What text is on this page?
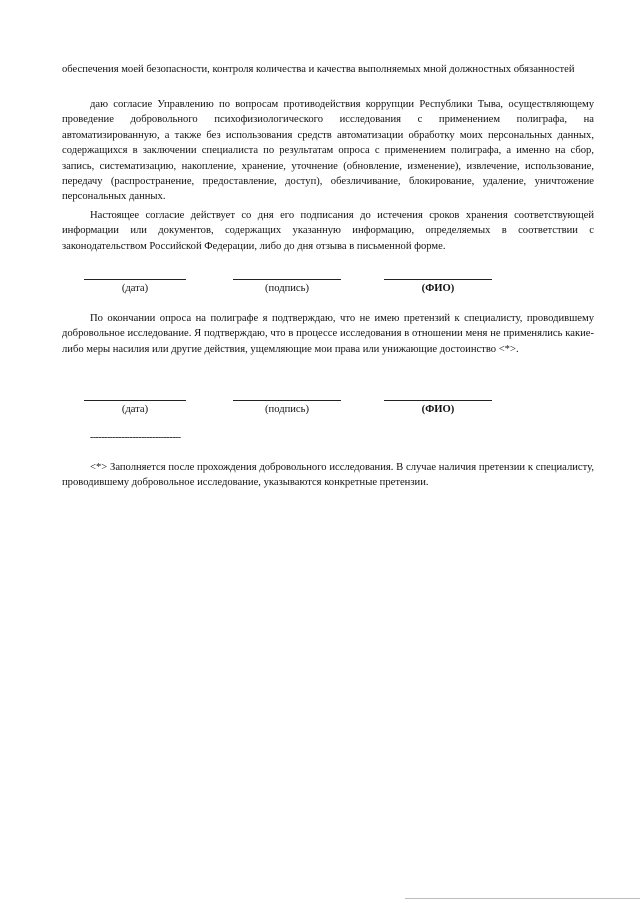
обеспечения моей безопасности, контроля количества и качества выполняемых мной должностных обязанностей

даю согласие Управлению по вопросам противодействия коррупции Республики Тыва, осуществляющему проведение добровольного психофизиологического исследования с применением полиграфа, на автоматизированную, а также без использования средств автоматизации обработку моих персональных данных, содержащихся в заключении специалиста по результатам опроса с применением полиграфа, а именно на сбор, запись, систематизацию, накопление, хранение, уточнение (обновление, изменение), извлечение, использование, передачу (распространение, предоставление, доступ), обезличивание, блокирование, удаление, уничтожение персональных данных.

Настоящее согласие действует со дня его подписания до истечения сроков хранения соответствующей информации или документов, содержащих указанную информацию, определяемых в соответствии с законодательством Российской Федерации, либо до дня отзыва в письменной форме.

(дата)	(подпись)	(ФИО)

По окончании опроса на полиграфе я подтверждаю, что не имею претензий к специалисту, проводившему добровольное исследование. Я подтверждаю, что в процессе исследования в отношении меня не применялись какие-либо меры насилия или другие действия, ущемляющие мои права или унижающие достоинство <*>.

(дата)	(подпись)	(ФИО)
--------------------------------

<*> Заполняется после прохождения добровольного исследования. В случае наличия претензии к специалисту, проводившему добровольное исследование, указываются конкретные претензии.
